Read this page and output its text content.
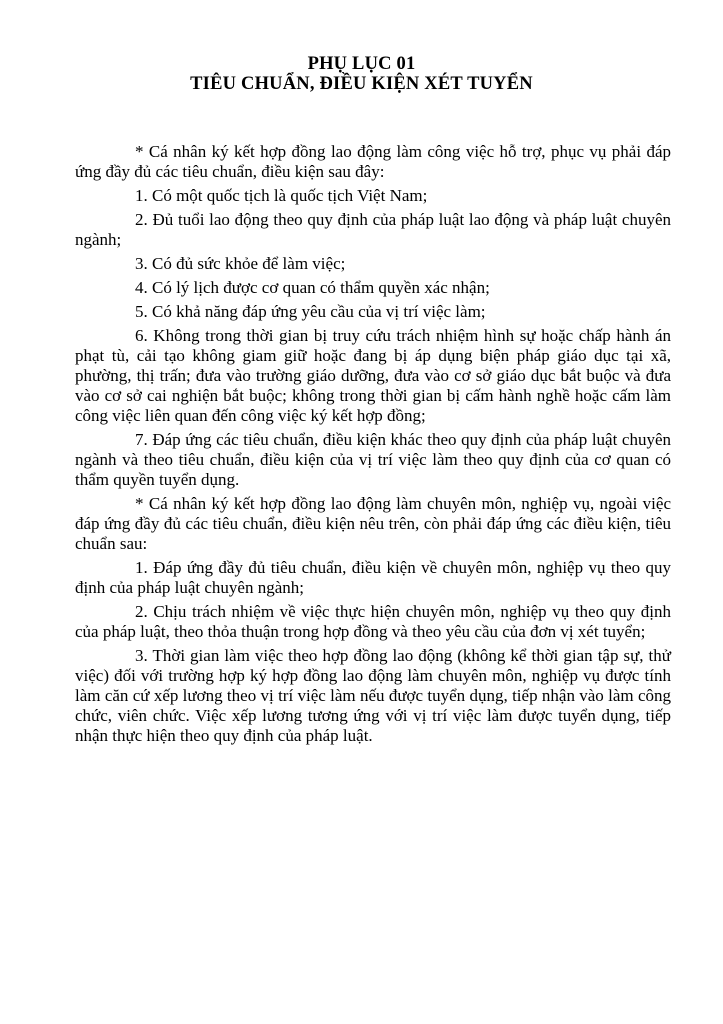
PHỤ LỤC 01
TIÊU CHUẨN, ĐIỀU KIỆN XÉT TUYỂN

* Cá nhân ký kết hợp đồng lao động làm công việc hỗ trợ, phục vụ phải đáp ứng đầy đủ các tiêu chuẩn, điều kiện sau đây:

1. Có một quốc tịch là quốc tịch Việt Nam;

2. Đủ tuổi lao động theo quy định của pháp luật lao động và pháp luật chuyên ngành;

3. Có đủ sức khỏe để làm việc;

4. Có lý lịch được cơ quan có thẩm quyền xác nhận;

5. Có khả năng đáp ứng yêu cầu của vị trí việc làm;

6. Không trong thời gian bị truy cứu trách nhiệm hình sự hoặc chấp hành án phạt tù, cải tạo không giam giữ hoặc đang bị áp dụng biện pháp giáo dục tại xã, phường, thị trấn; đưa vào trường giáo dưỡng, đưa vào cơ sở giáo dục bắt buộc và đưa vào cơ sở cai nghiện bắt buộc; không trong thời gian bị cấm hành nghề hoặc cấm làm công việc liên quan đến công việc ký kết hợp đồng;

7. Đáp ứng các tiêu chuẩn, điều kiện khác theo quy định của pháp luật chuyên ngành và theo tiêu chuẩn, điều kiện của vị trí việc làm theo quy định của cơ quan có thẩm quyền tuyển dụng.

* Cá nhân ký kết hợp đồng lao động làm chuyên môn, nghiệp vụ, ngoài việc đáp ứng đầy đủ các tiêu chuẩn, điều kiện nêu trên, còn phải đáp ứng các điều kiện, tiêu chuẩn sau:

1. Đáp ứng đầy đủ tiêu chuẩn, điều kiện về chuyên môn, nghiệp vụ theo quy định của pháp luật chuyên ngành;

2. Chịu trách nhiệm về việc thực hiện chuyên môn, nghiệp vụ theo quy định của pháp luật, theo thỏa thuận trong hợp đồng và theo yêu cầu của đơn vị xét tuyển;

3. Thời gian làm việc theo hợp đồng lao động (không kể thời gian tập sự, thử việc) đối với trường hợp ký hợp đồng lao động làm chuyên môn, nghiệp vụ được tính làm căn cứ xếp lương theo vị trí việc làm nếu được tuyển dụng, tiếp nhận vào làm công chức, viên chức. Việc xếp lương tương ứng với vị trí việc làm được tuyển dụng, tiếp nhận thực hiện theo quy định của pháp luật.
